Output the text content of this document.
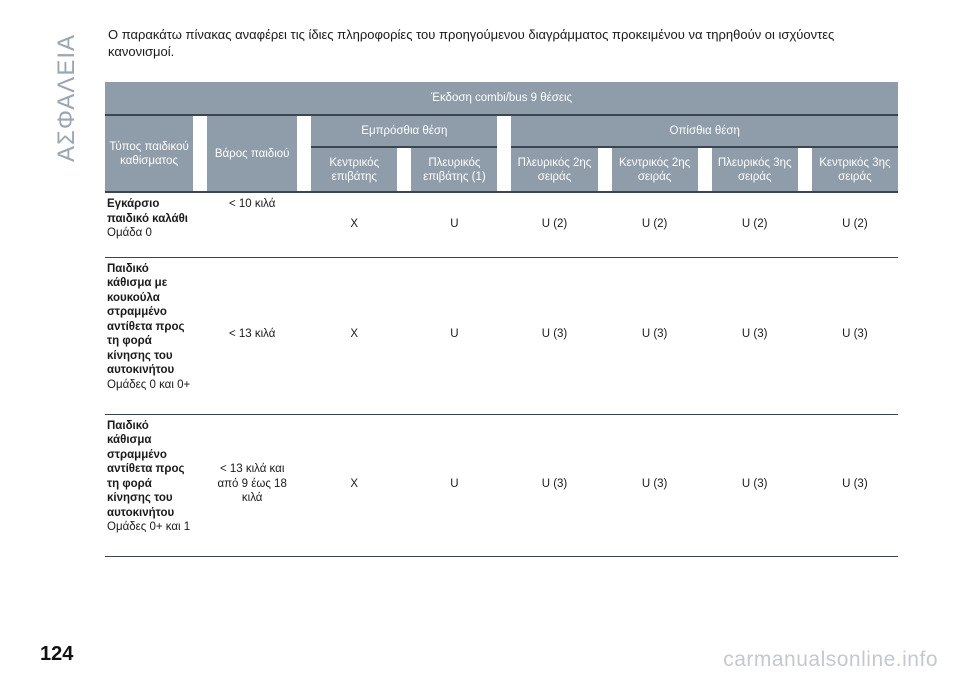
ΑΣΦΑΛΕΙΑ Ο παρακάτω πίνακας αναφέρει τις ίδιες πληροφορίες του προηγούμενου διαγράμματος προκειμένου να τηρηθούν οι ισχύοντες κανονισμοί.
Έκδοση combi/bus 9 θέσεις														
Τύπος παιδικού καθίσματος		Βάρος παιδιού		Εμπρόσθια θέση				Οπίσθια θέση						
				Κεντρικός επιβάτης		Πλευρικός επιβάτης (1)		Πλευρικός 2ης σειράς		Κεντρικός 2ης σειράς		Πλευρικός 3ης σειράς		Κεντρικός 3ης σειράς
Εγκάρσιο παιδικό καλάθι Ομάδα 0		< 10 κιλά		X		U		U (2)		U (2)		U (2)		U (2)
Παιδικό κάθισμα με κουκούλα στραμμένο αντίθετα προς τη φορά κίνησης του αυτοκινήτου Ομάδες 0 και 0+		< 13 κιλά		X		U		U (3)		U (3)		U (3)		U (3)
Παιδικό κάθισμα στραμμένο αντίθετα προς τη φορά κίνησης του αυτοκινήτου Ομάδες 0+ και 1		< 13 κιλά και από 9 έως 18 κιλά		X		U		U (3)		U (3)		U (3)		U (3)
124	carmanualsonline.info
